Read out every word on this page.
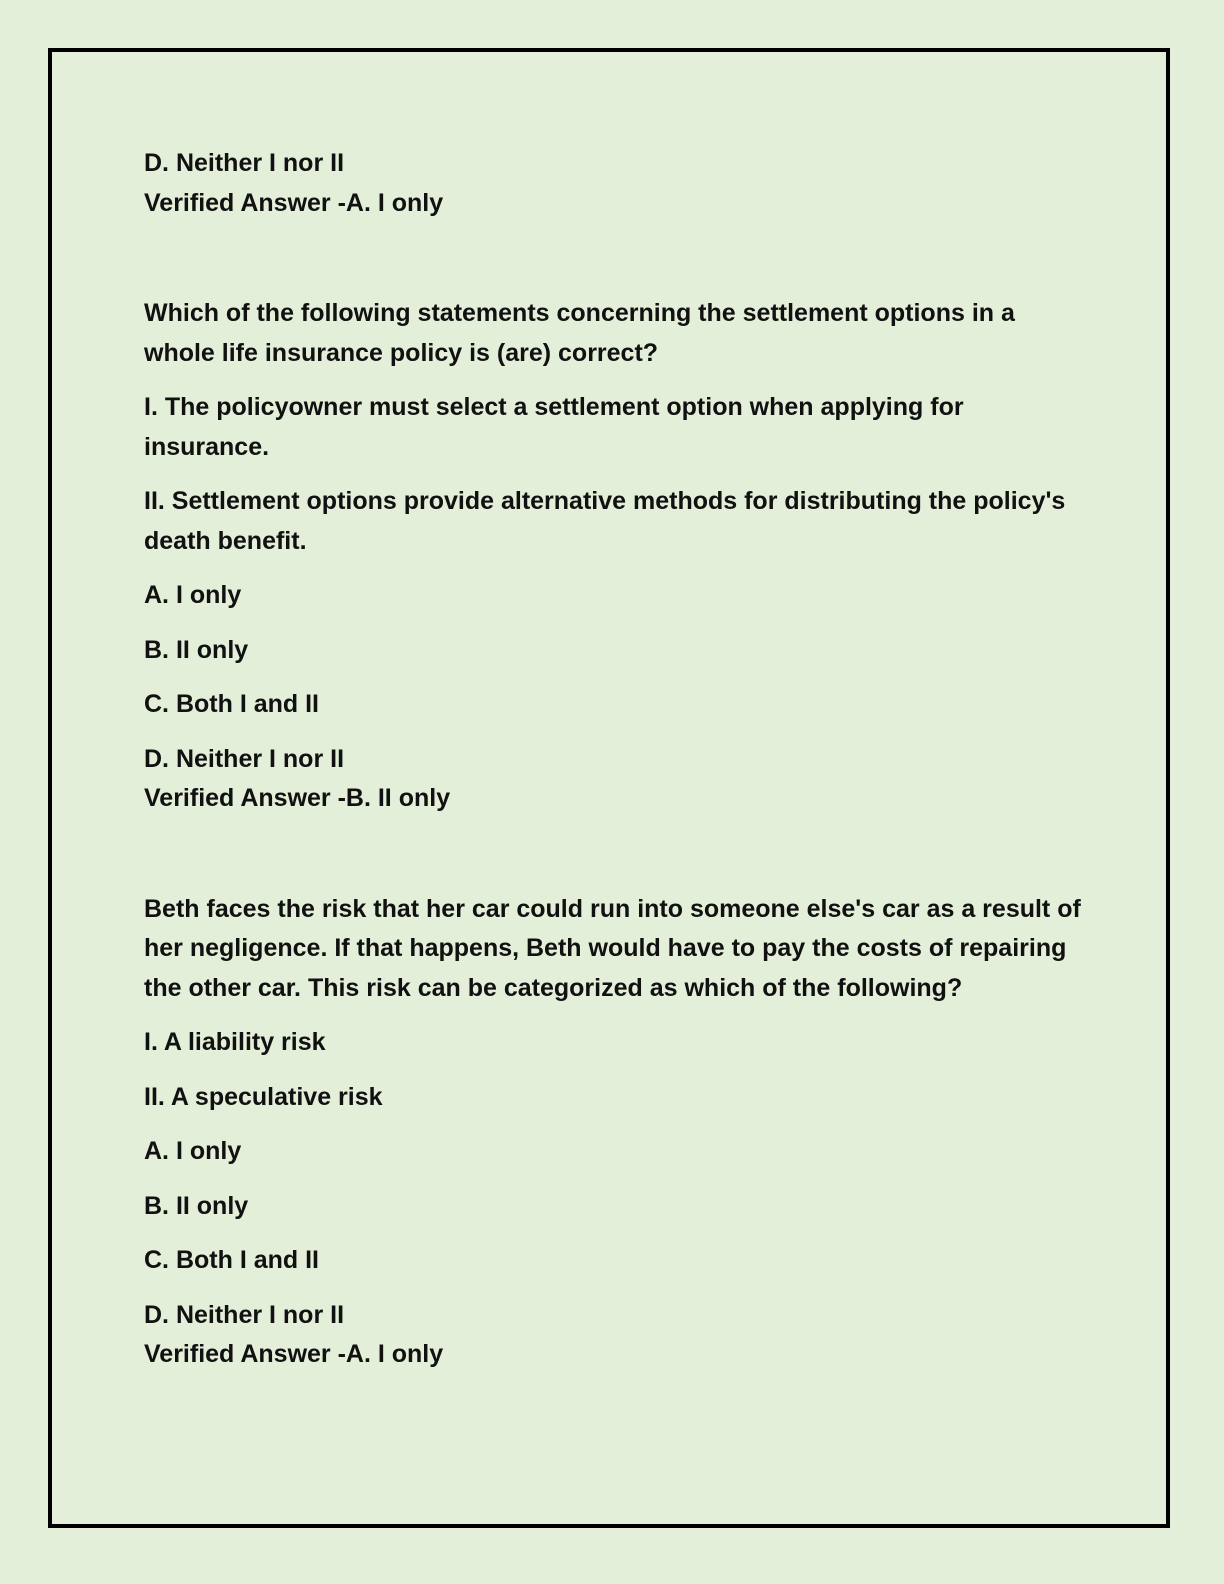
D. Neither I nor II

Verified Answer -A. I only

Which of the following statements concerning the settlement options in a whole life insurance policy is (are) correct?

I. The policyowner must select a settlement option when applying for insurance.

II. Settlement options provide alternative methods for distributing the policy's death benefit.

A. I only

B. II only

C. Both I and II

D. Neither I nor II

Verified Answer -B. II only

Beth faces the risk that her car could run into someone else's car as a result of her negligence. If that happens, Beth would have to pay the costs of repairing the other car. This risk can be categorized as which of the following?

I. A liability risk

II. A speculative risk

A. I only

B. II only

C. Both I and II

D. Neither I nor II

Verified Answer -A. I only
